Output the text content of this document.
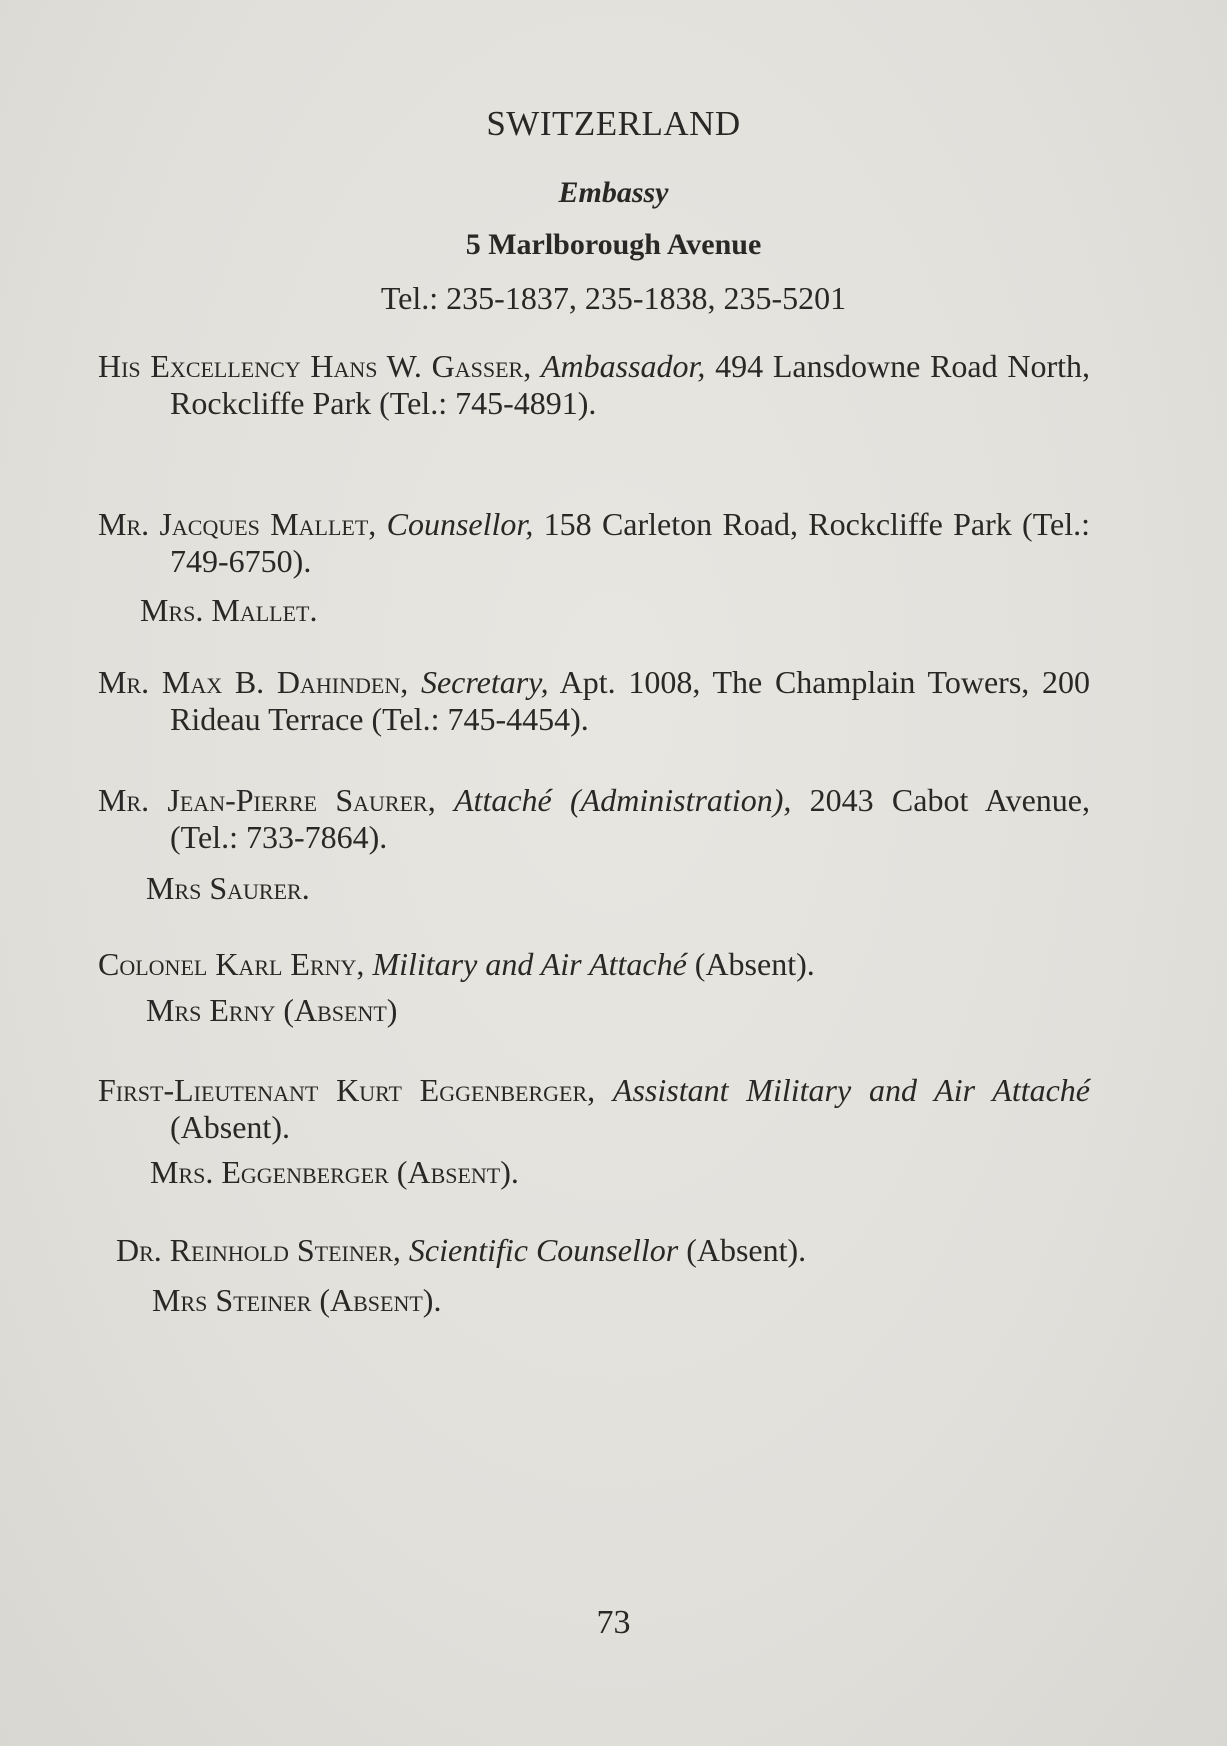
SWITZERLAND
Embassy
5 Marlborough Avenue
Tel.: 235-1837, 235-1838, 235-5201
His Excellency Hans W. Gasser, Ambassador, 494 Lansdowne Road North, Rockcliffe Park (Tel.: 745-4891).
Mr. Jacques Mallet, Counsellor, 158 Carleton Road, Rockcliffe Park (Tel.: 749-6750).
Mrs. Mallet.
Mr. Max B. Dahinden, Secretary, Apt. 1008, The Champlain Towers, 200 Rideau Terrace (Tel.: 745-4454).
Mr. Jean-Pierre Saurer, Attaché (Administration), 2043 Cabot Avenue, (Tel.: 733-7864).
Mrs Saurer.
Colonel Karl Erny, Military and Air Attaché (Absent).
Mrs Erny (Absent)
First-Lieutenant Kurt Eggenberger, Assistant Military and Air Attaché (Absent).
Mrs. Eggenberger (Absent).
Dr. Reinhold Steiner, Scientific Counsellor (Absent).
Mrs Steiner (Absent).
73
